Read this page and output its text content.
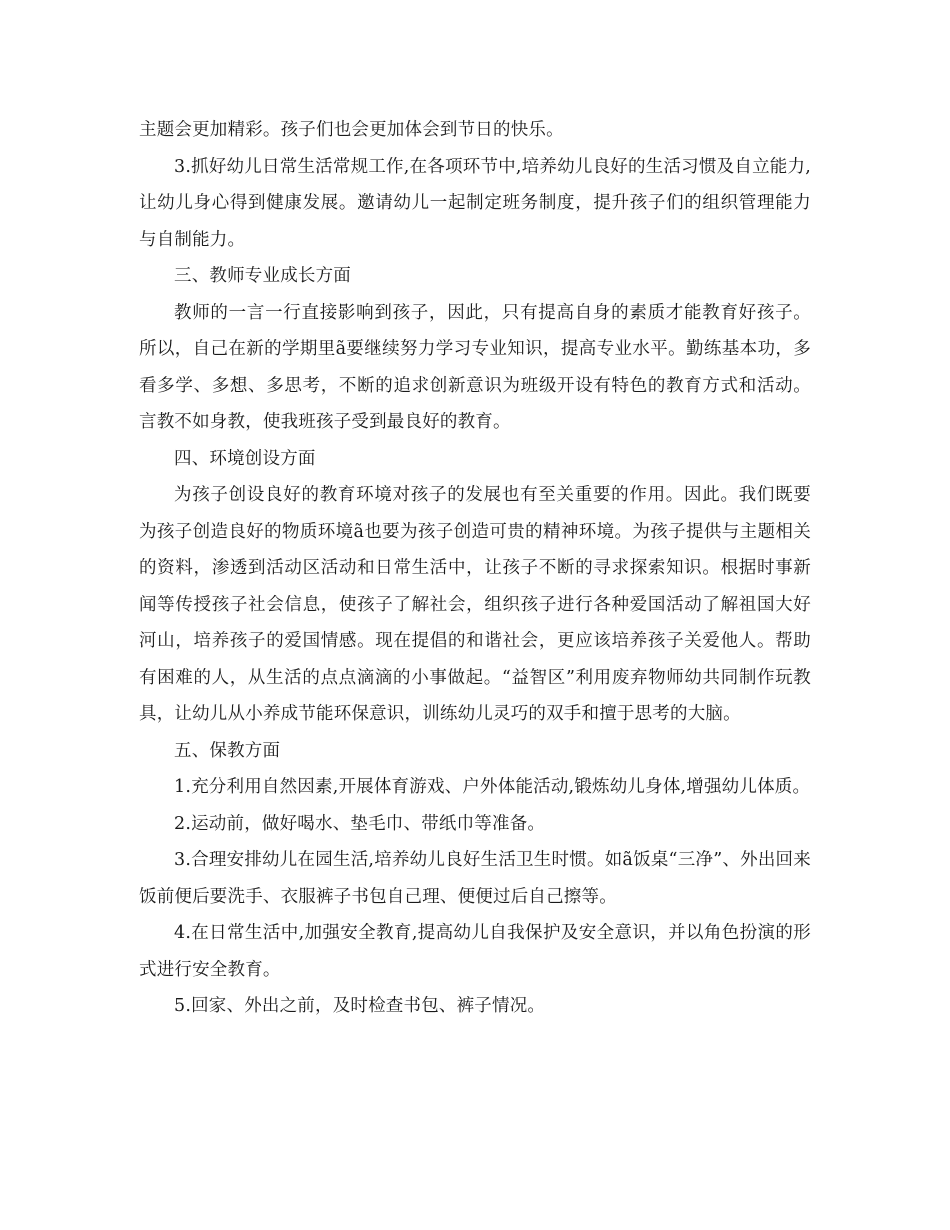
主题会更加精彩。孩子们也会更加体会到节日的快乐。

3.抓好幼儿日常生活常规工作,在各项环节中,培养幼儿良好的生活习惯及自立能力,让幼儿身心得到健康发展。邀请幼儿一起制定班务制度，提升孩子们的组织管理能力与自制能力。

三、教师专业成长方面

教师的一言一行直接影响到孩子，因此，只有提高自身的素质才能教育好孩子。所以，自己在新的学期里ã要继续努力学习专业知识，提高专业水平。勤练基本功，多看多学、多想、多思考，不断的追求创新意识为班级开设有特色的教育方式和活动。言教不如身教，使我班孩子受到最良好的教育。

四、环境创设方面

为孩子创设良好的教育环境对孩子的发展也有至关重要的作用。因此。我们既要为孩子创造良好的物质环境ã也要为孩子创造可贵的精神环境。为孩子提供与主题相关的资料，渗透到活动区活动和日常生活中，让孩子不断的寻求探索知识。根据时事新闻等传授孩子社会信息，使孩子了解社会，组织孩子进行各种爱国活动了解祖国大好河山，培养孩子的爱国情感。现在提倡的和谐社会，更应该培养孩子关爱他人。帮助有困难的人，从生活的点点滴滴的小事做起。“益智区”利用废弃物师幼共同制作玩教具，让幼儿从小养成节能环保意识，训练幼儿灵巧的双手和擅于思考的大脑。

五、保教方面

1.充分利用自然因素,开展体育游戏、户外体能活动,锻炼幼儿身体,增强幼儿体质。

2.运动前，做好喝水、垫毛巾、带纸巾等准备。

3.合理安排幼儿在园生活,培养幼儿良好生活卫生时惯。如ã饭桌“三净”、外出回来饭前便后要洗手、衣服裤子书包自己理、便便过后自己擦等。

4.在日常生活中,加强安全教育,提高幼儿自我保护及安全意识，并以角色扮演的形式进行安全教育。

5.回家、外出之前，及时检查书包、裤子情况。
